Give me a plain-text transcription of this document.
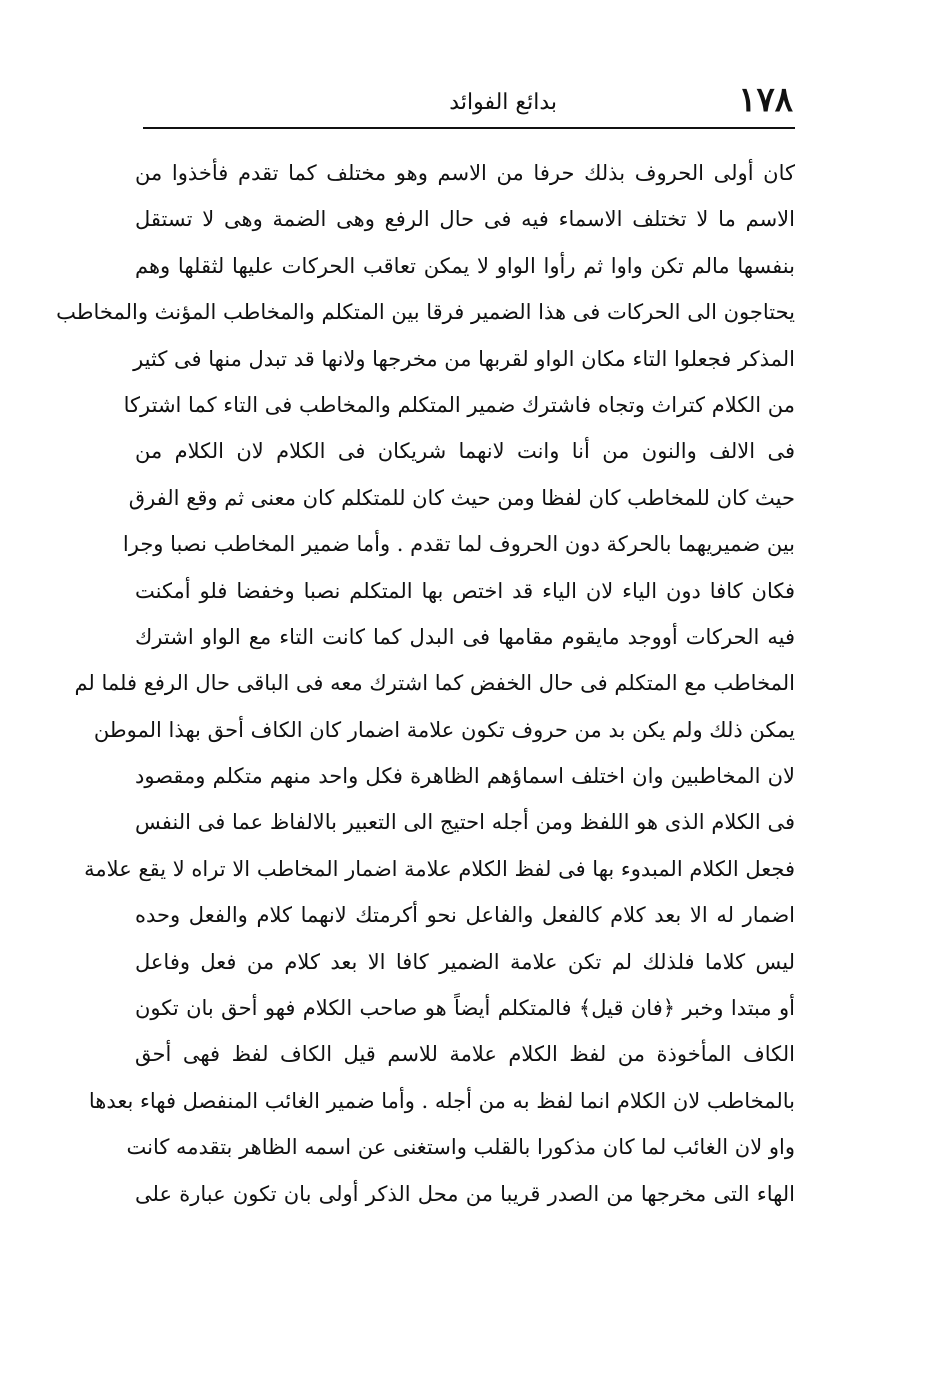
١٧٨
بدائع الفوائد
كان أولى الحروف بذلك حرفا من الاسم وهو مختلف كما تقدم فأخذوا من
الاسم ما لا تختلف الاسماء فيه فى حال الرفع وهى الضمة وهى لا تستقل
بنفسها مالم تكن واوا ثم رأوا الواو لا يمكن تعاقب الحركات عليها لثقلها وهم
يحتاجون الى الحركات فى هذا الضمير فرقا بين المتكلم والمخاطب المؤنث والمخاطب
المذكر فجعلوا التاء مكان الواو لقربها من مخرجها ولانها قد تبدل منها فى كثير
من الكلام كتراث وتجاه فاشترك ضمير المتكلم والمخاطب فى التاء كما اشتركا
فى الالف والنون من أنا وانت لانهما شريكان فى الكلام لان الكلام من
حيث كان للمخاطب كان لفظا ومن حيث كان للمتكلم كان معنى ثم وقع الفرق
بين ضميريهما بالحركة دون الحروف لما تقدم . وأما ضمير المخاطب نصبا وجرا
فكان كافا دون الياء لان الياء قد اختص بها المتكلم نصبا وخفضا فلو أمكنت
فيه الحركات أووجد مايقوم مقامها فى البدل كما كانت التاء مع الواو اشترك
المخاطب مع المتكلم فى حال الخفض كما اشترك معه فى الباقى حال الرفع فلما لم
يمكن ذلك ولم يكن بد من حروف تكون علامة اضمار كان الكاف أحق بهذا الموطن
لان المخاطبين وان اختلف اسماؤهم الظاهرة فكل واحد منهم متكلم ومقصود
فى الكلام الذى هو اللفظ ومن أجله احتيج الى التعبير بالالفاظ عما فى النفس
فجعل الكلام المبدوء بها فى لفظ الكلام علامة اضمار المخاطب الا تراه لا يقع علامة
اضمار له الا بعد كلام كالفعل والفاعل نحو أكرمتك لانهما كلام والفعل وحده
ليس كلاما فلذلك لم تكن علامة الضمير كافا الا بعد كلام من فعل وفاعل
أو مبتدا وخبر ﴿فان قيل﴾ فالمتكلم أيضاً هو صاحب الكلام فهو أحق بان تكون
الكاف المأخوذة من لفظ الكلام علامة للاسم قيل الكاف لفظ فهى أحق
بالمخاطب لان الكلام انما لفظ به من أجله . وأما ضمير الغائب المنفصل فهاء بعدها
واو لان الغائب لما كان مذكورا بالقلب واستغنى عن اسمه الظاهر بتقدمه كانت
الهاء التى مخرجها من الصدر قريبا من محل الذكر أولى بان تكون عبارة على
